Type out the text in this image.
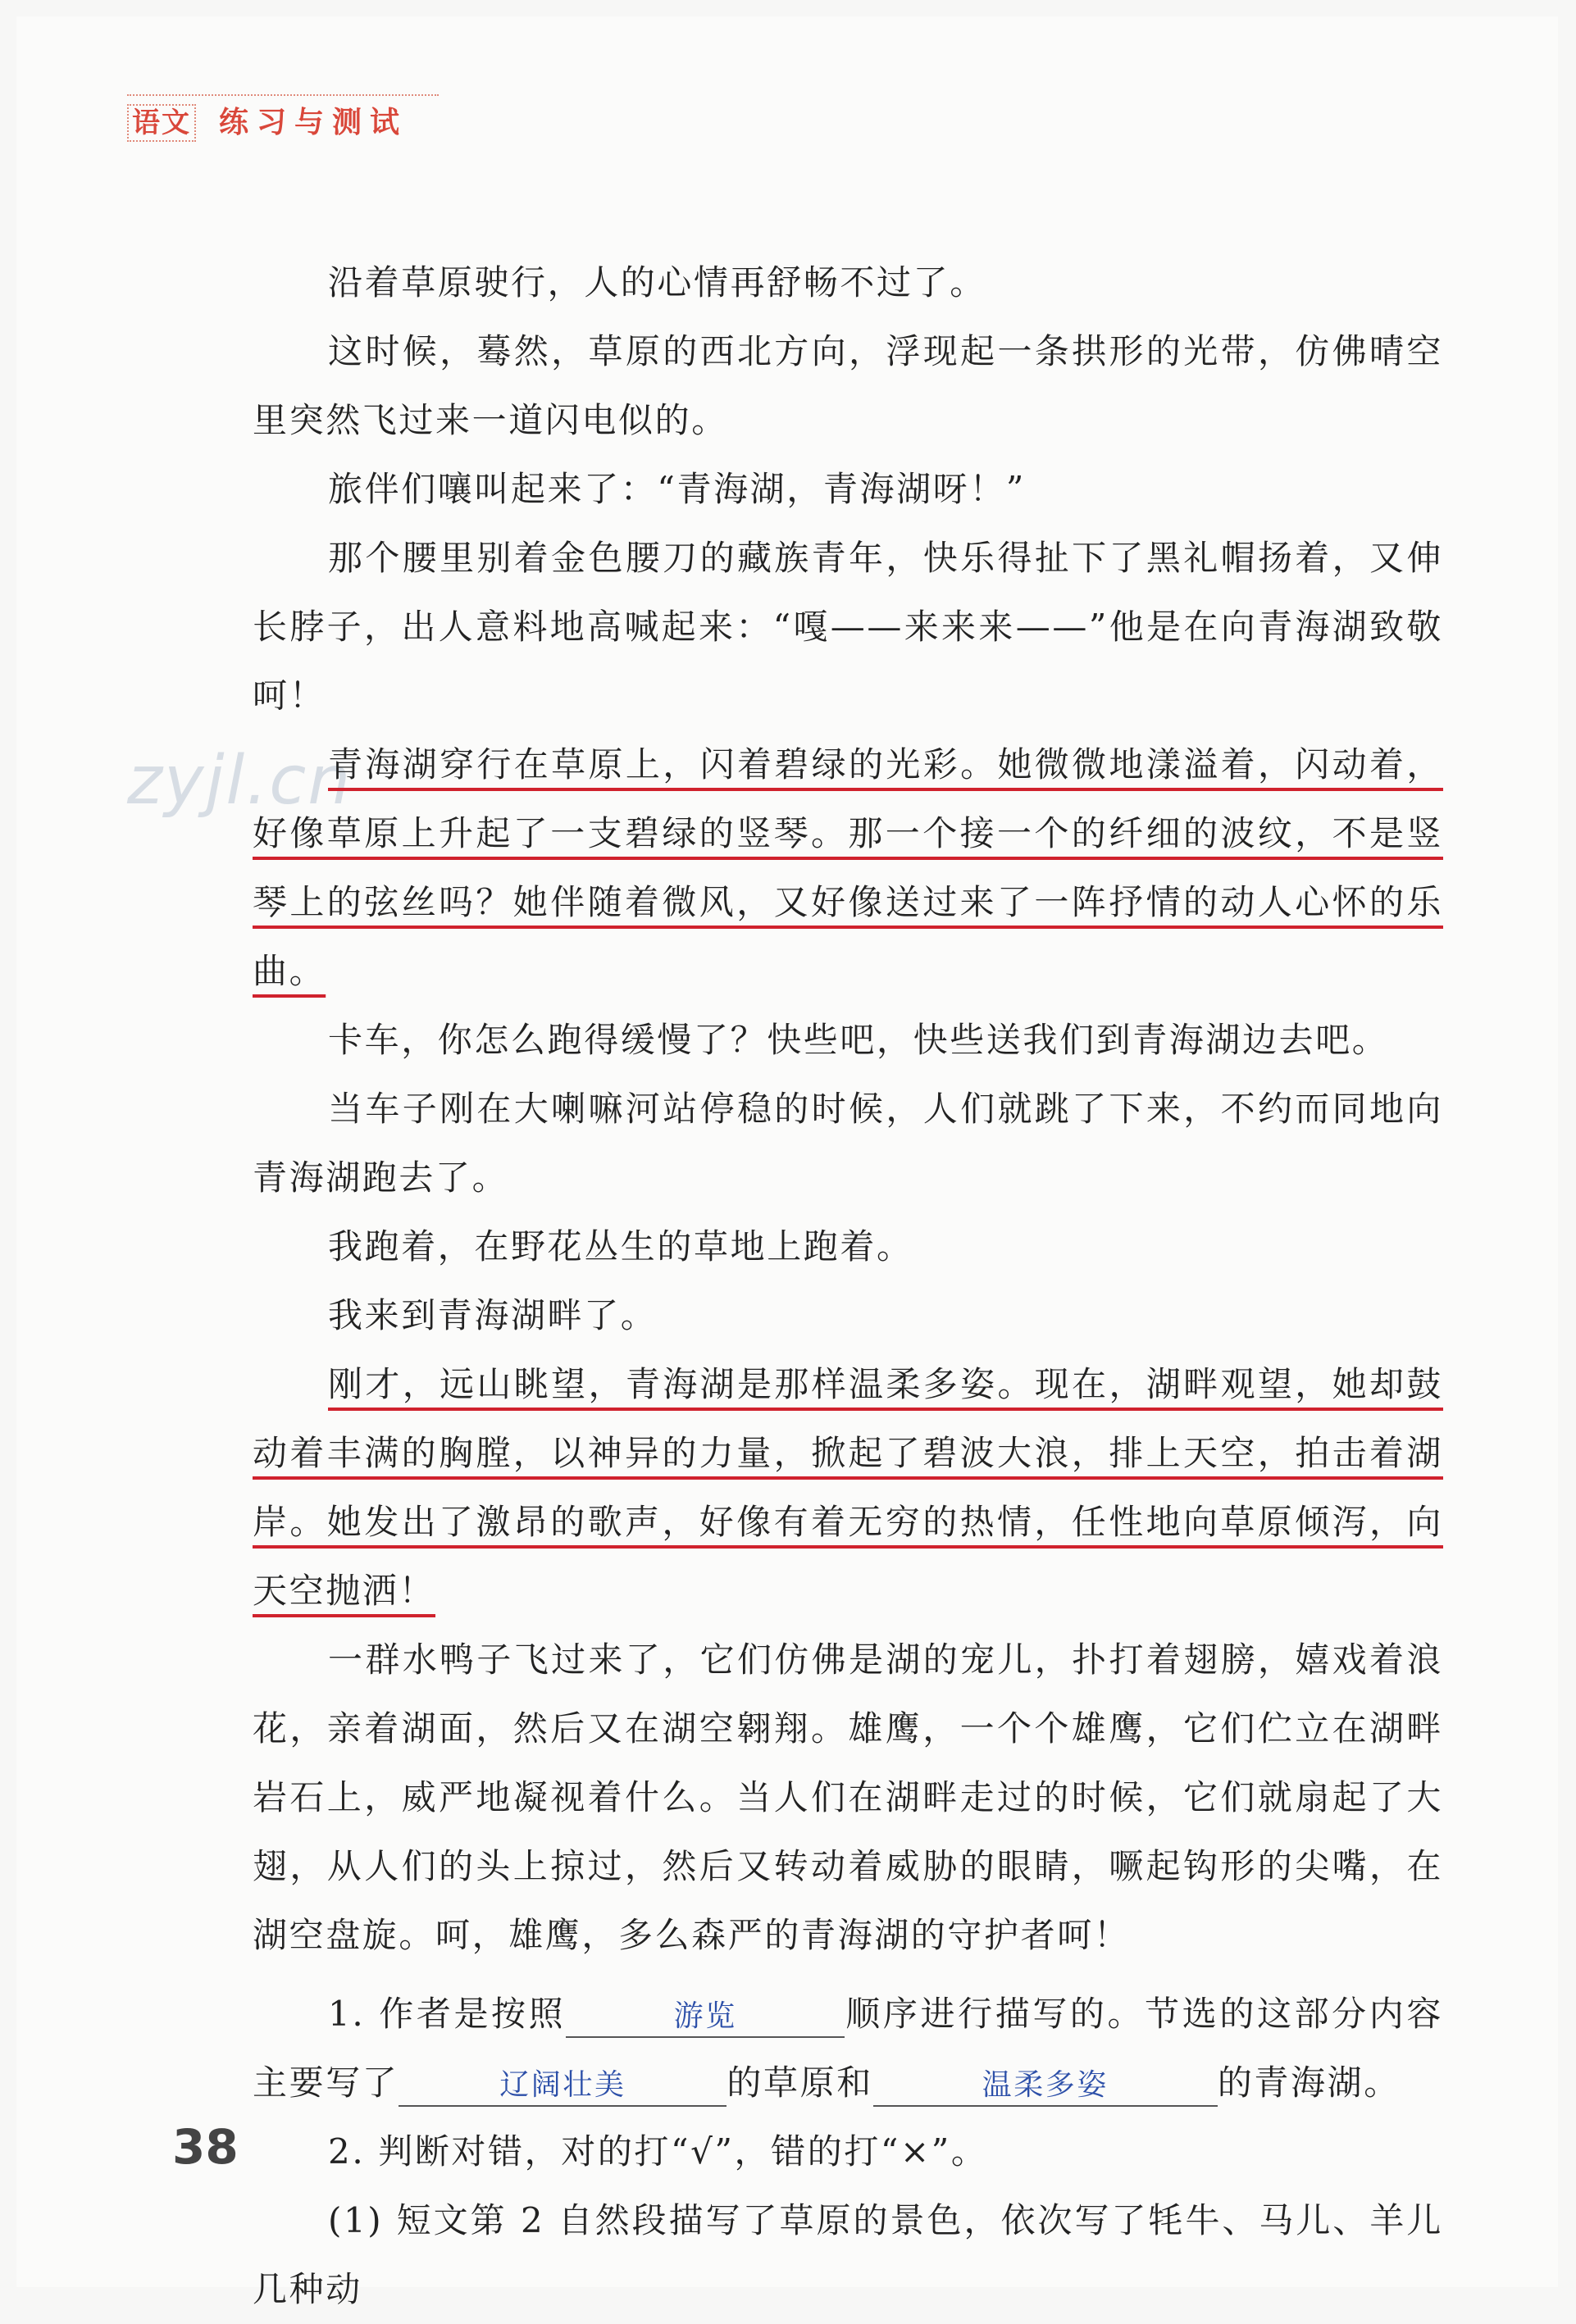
语文 练习与测试
zyjl.cn

沿着草原驶行，人的心情再舒畅不过了。

这时候，蓦然，草原的西北方向，浮现起一条拱形的光带，仿佛晴空里突然飞过来一道闪电似的。

旅伴们嚷叫起来了：“青海湖，青海湖呀！”

那个腰里别着金色腰刀的藏族青年，快乐得扯下了黑礼帽扬着，又伸长脖子，出人意料地高喊起来：“嘎——来来来——”他是在向青海湖致敬呵！

青海湖穿行在草原上，闪着碧绿的光彩。她微微地漾溢着，闪动着，好像草原上升起了一支碧绿的竖琴。那一个接一个的纤细的波纹，不是竖琴上的弦丝吗？她伴随着微风，又好像送过来了一阵抒情的动人心怀的乐曲。

卡车，你怎么跑得缓慢了？快些吧，快些送我们到青海湖边去吧。

当车子刚在大喇嘛河站停稳的时候，人们就跳了下来，不约而同地向青海湖跑去了。

我跑着，在野花丛生的草地上跑着。

我来到青海湖畔了。

刚才，远山眺望，青海湖是那样温柔多姿。现在，湖畔观望，她却鼓动着丰满的胸膛，以神异的力量，掀起了碧波大浪，排上天空，拍击着湖岸。她发出了激昂的歌声，好像有着无穷的热情，任性地向草原倾泻，向天空抛洒！

一群水鸭子飞过来了，它们仿佛是湖的宠儿，扑打着翅膀，嬉戏着浪花，亲着湖面，然后又在湖空翱翔。雄鹰，一个个雄鹰，它们伫立在湖畔岩石上，威严地凝视着什么。当人们在湖畔走过的时候，它们就扇起了大翅，从人们的头上掠过，然后又转动着威胁的眼睛，噘起钩形的尖嘴，在湖空盘旋。呵，雄鹰，多么森严的青海湖的守护者呵！

1. 作者是按照	游览	顺序进行描写的。节选的这部分内容主要写了	辽阔壮美	的草原和	温柔多姿	的青海湖。

2. 判断对错，对的打“√”，错的打“×”。

(1) 短文第 2 自然段描写了草原的景色，依次写了牦牛、马儿、羊儿几种动

38
